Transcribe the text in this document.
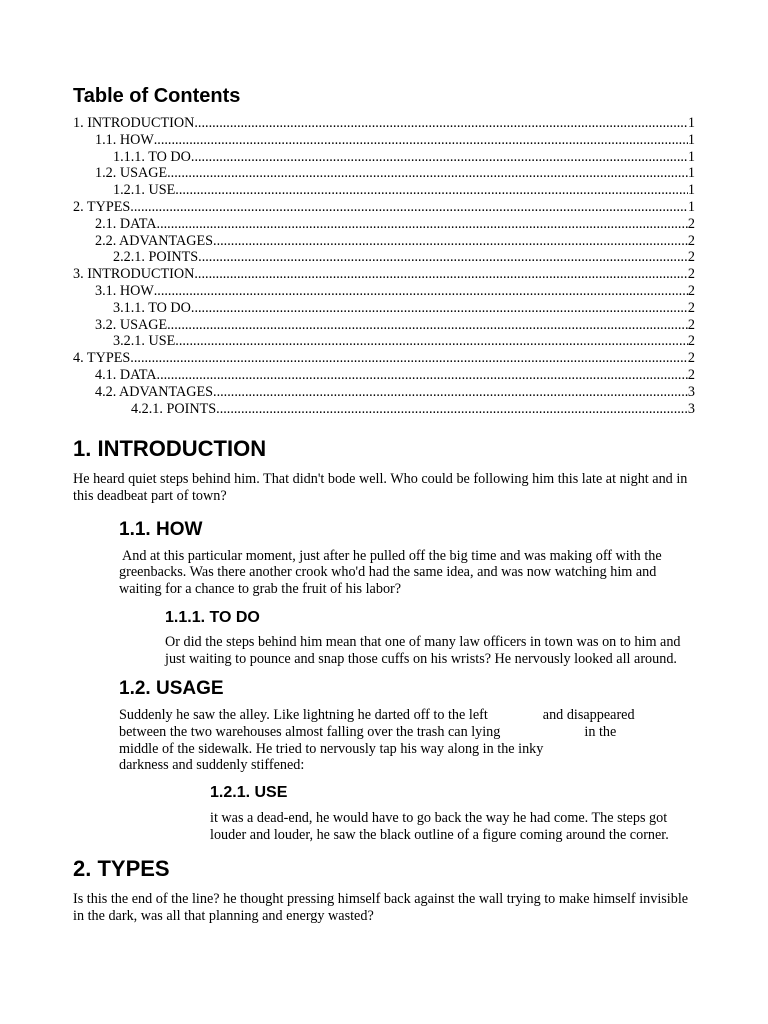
Table of Contents
1. INTRODUCTION .....	1
1.1. HOW .....	1
1.1.1. TO DO .....	1
1.2. USAGE .....	1
1.2.1. USE .....	1
2. TYPES .....	1
2.1. DATA .....	2
2.2. ADVANTAGES .....	2
2.2.1. POINTS .....	2
3. INTRODUCTION .....	2
3.1. HOW .....	2
3.1.1. TO DO .....	2
3.2. USAGE .....	2
3.2.1. USE .....	2
4. TYPES .....	2
4.1. DATA .....	2
4.2. ADVANTAGES .....	3
4.2.1. POINTS .....	3
1. INTRODUCTION

He heard quiet steps behind him. That didn't bode well. Who could be following him this late at night and in this deadbeat part of town?

1.1. HOW

And at this particular moment, just after he pulled off the big time and was making off with the greenbacks. Was there another crook who'd had the same idea, and was now watching him and waiting for a chance to grab the fruit of his labor?

1.1.1. TO DO

Or did the steps behind him mean that one of many law officers in town was on to him and just waiting to pounce and snap those cuffs on his wrists? He nervously looked all around.

1.2. USAGE

Suddenly he saw the alley. Like lightning he darted off to the left	and disappeared

between the two warehouses almost falling over the trash can lying	in the

middle of the sidewalk. He tried to nervously tap his way along in the inky

darkness and suddenly stiffened:

1.2.1. USE

it was a dead-end, he would have to go back the way he had come. The steps got louder and louder, he saw the black outline of a figure coming around the corner.

2. TYPES

Is this the end of the line? he thought pressing himself back against the wall trying to make himself invisible in the dark, was all that planning and energy wasted?
